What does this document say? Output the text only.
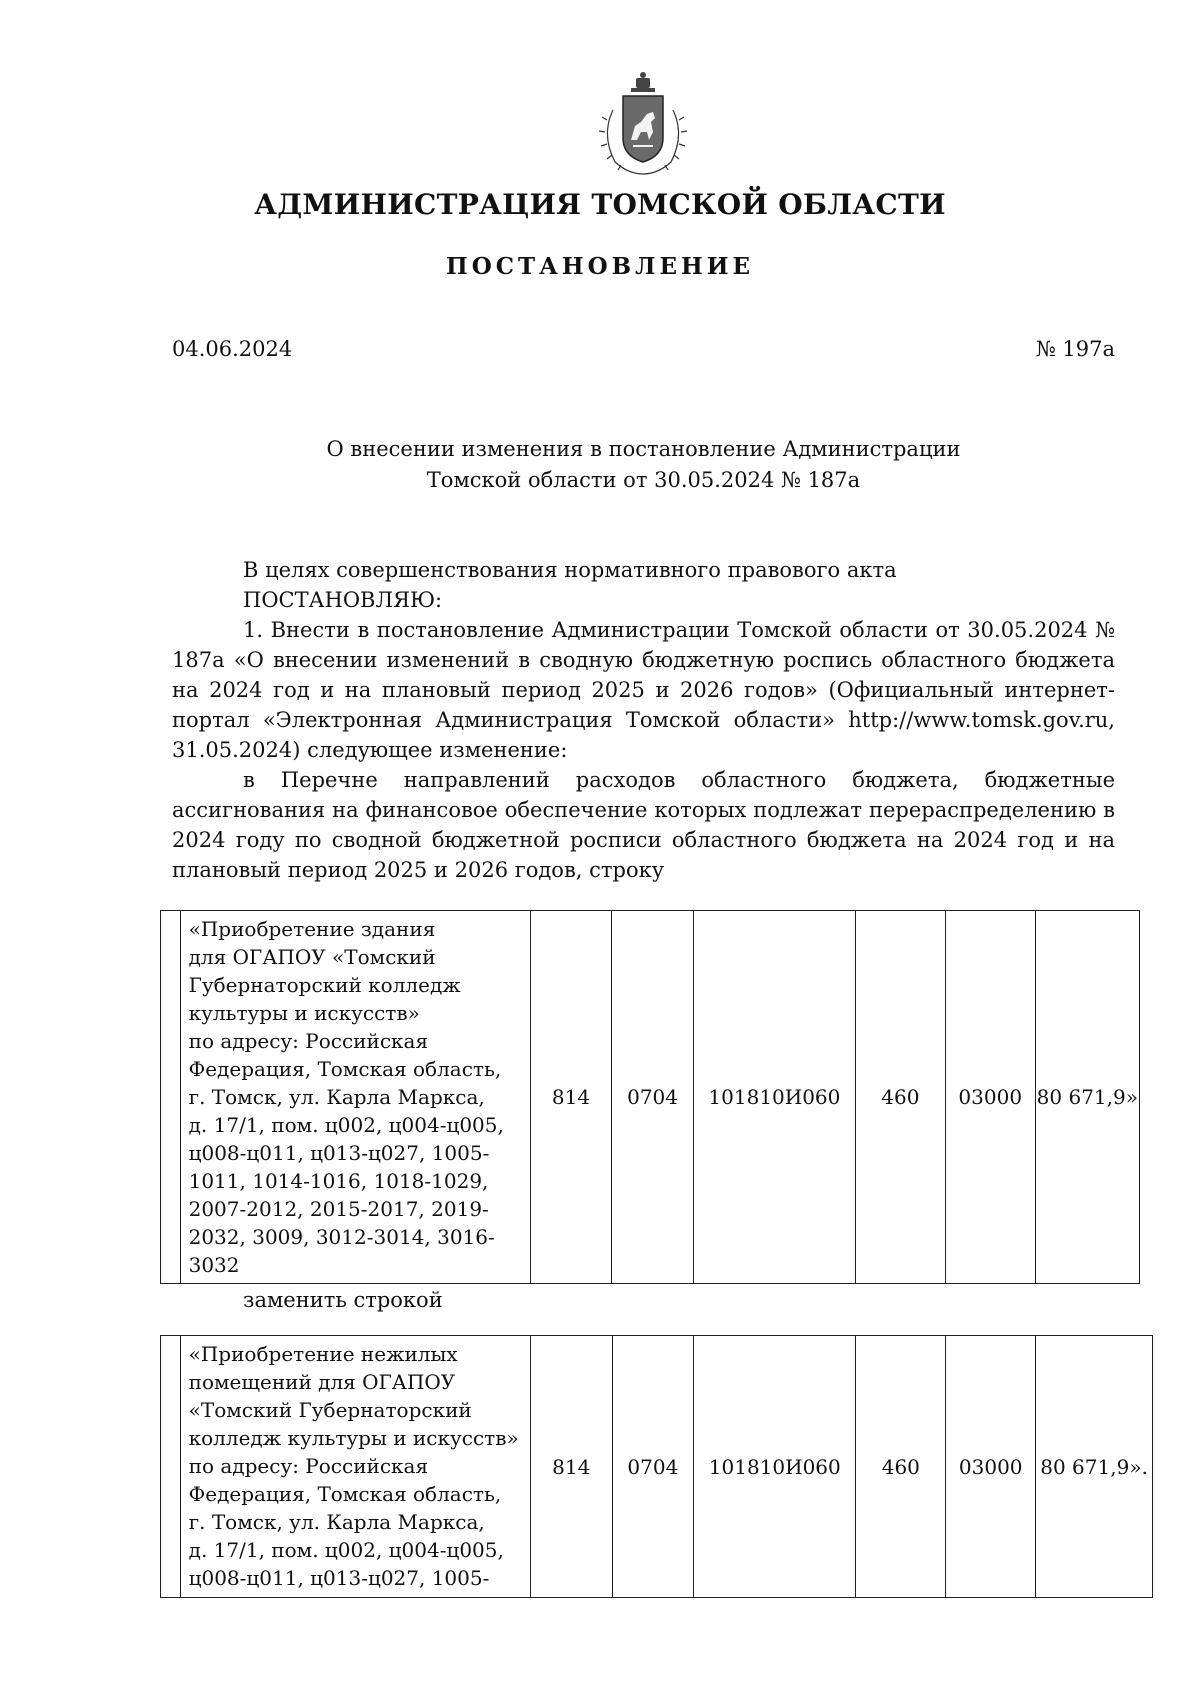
АДМИНИСТРАЦИЯ ТОМСКОЙ ОБЛАСТИ
ПОСТАНОВЛЕНИЕ
04.06.2024	№ 197а
О внесении изменения в постановление Администрации
Томской области от 30.05.2024 № 187а

В целях совершенствования нормативного правового акта

ПОСТАНОВЛЯЮ:

1. Внести в постановление Администрации Томской области от 30.05.2024 № 187а «О внесении изменений в сводную бюджетную роспись областного бюджета на 2024 год и на плановый период 2025 и 2026 годов» (Официальный интернет-портал «Электронная Администрация Томской области» http://www.tomsk.gov.ru, 31.05.2024) следующее изменение:

в Перечне направлений расходов областного бюджета, бюджетные ассигнования на финансовое обеспечение которых подлежат перераспределению в 2024 году по сводной бюджетной росписи областного бюджета на 2024 год и на плановый период 2025 и 2026 годов, строку

«Приобретение здания
для ОГАПОУ «Томский
Губернаторский колледж
культуры и искусств»
по адресу: Российская
Федерация, Томская область,
г. Томск, ул. Карла Маркса,
д. 17/1, пом. ц002, ц004-ц005,
ц008-ц011, ц013-ц027, 1005-
1011, 1014-1016, 1018-1029,
2007-2012, 2015-2017, 2019-
2032, 3009, 3012-3014, 3016-
3032
	814	0704	101810И060	460	03000	80 671,9»
заменить строкой

«Приобретение нежилых
помещений для ОГАПОУ
«Томский Губернаторский
колледж культуры и искусств»
по адресу: Российская
Федерация, Томская область,
г. Томск, ул. Карла Маркса,
д. 17/1, пом. ц002, ц004-ц005,
ц008-ц011, ц013-ц027, 1005-
	814	0704	101810И060	460	03000	80 671,9».
